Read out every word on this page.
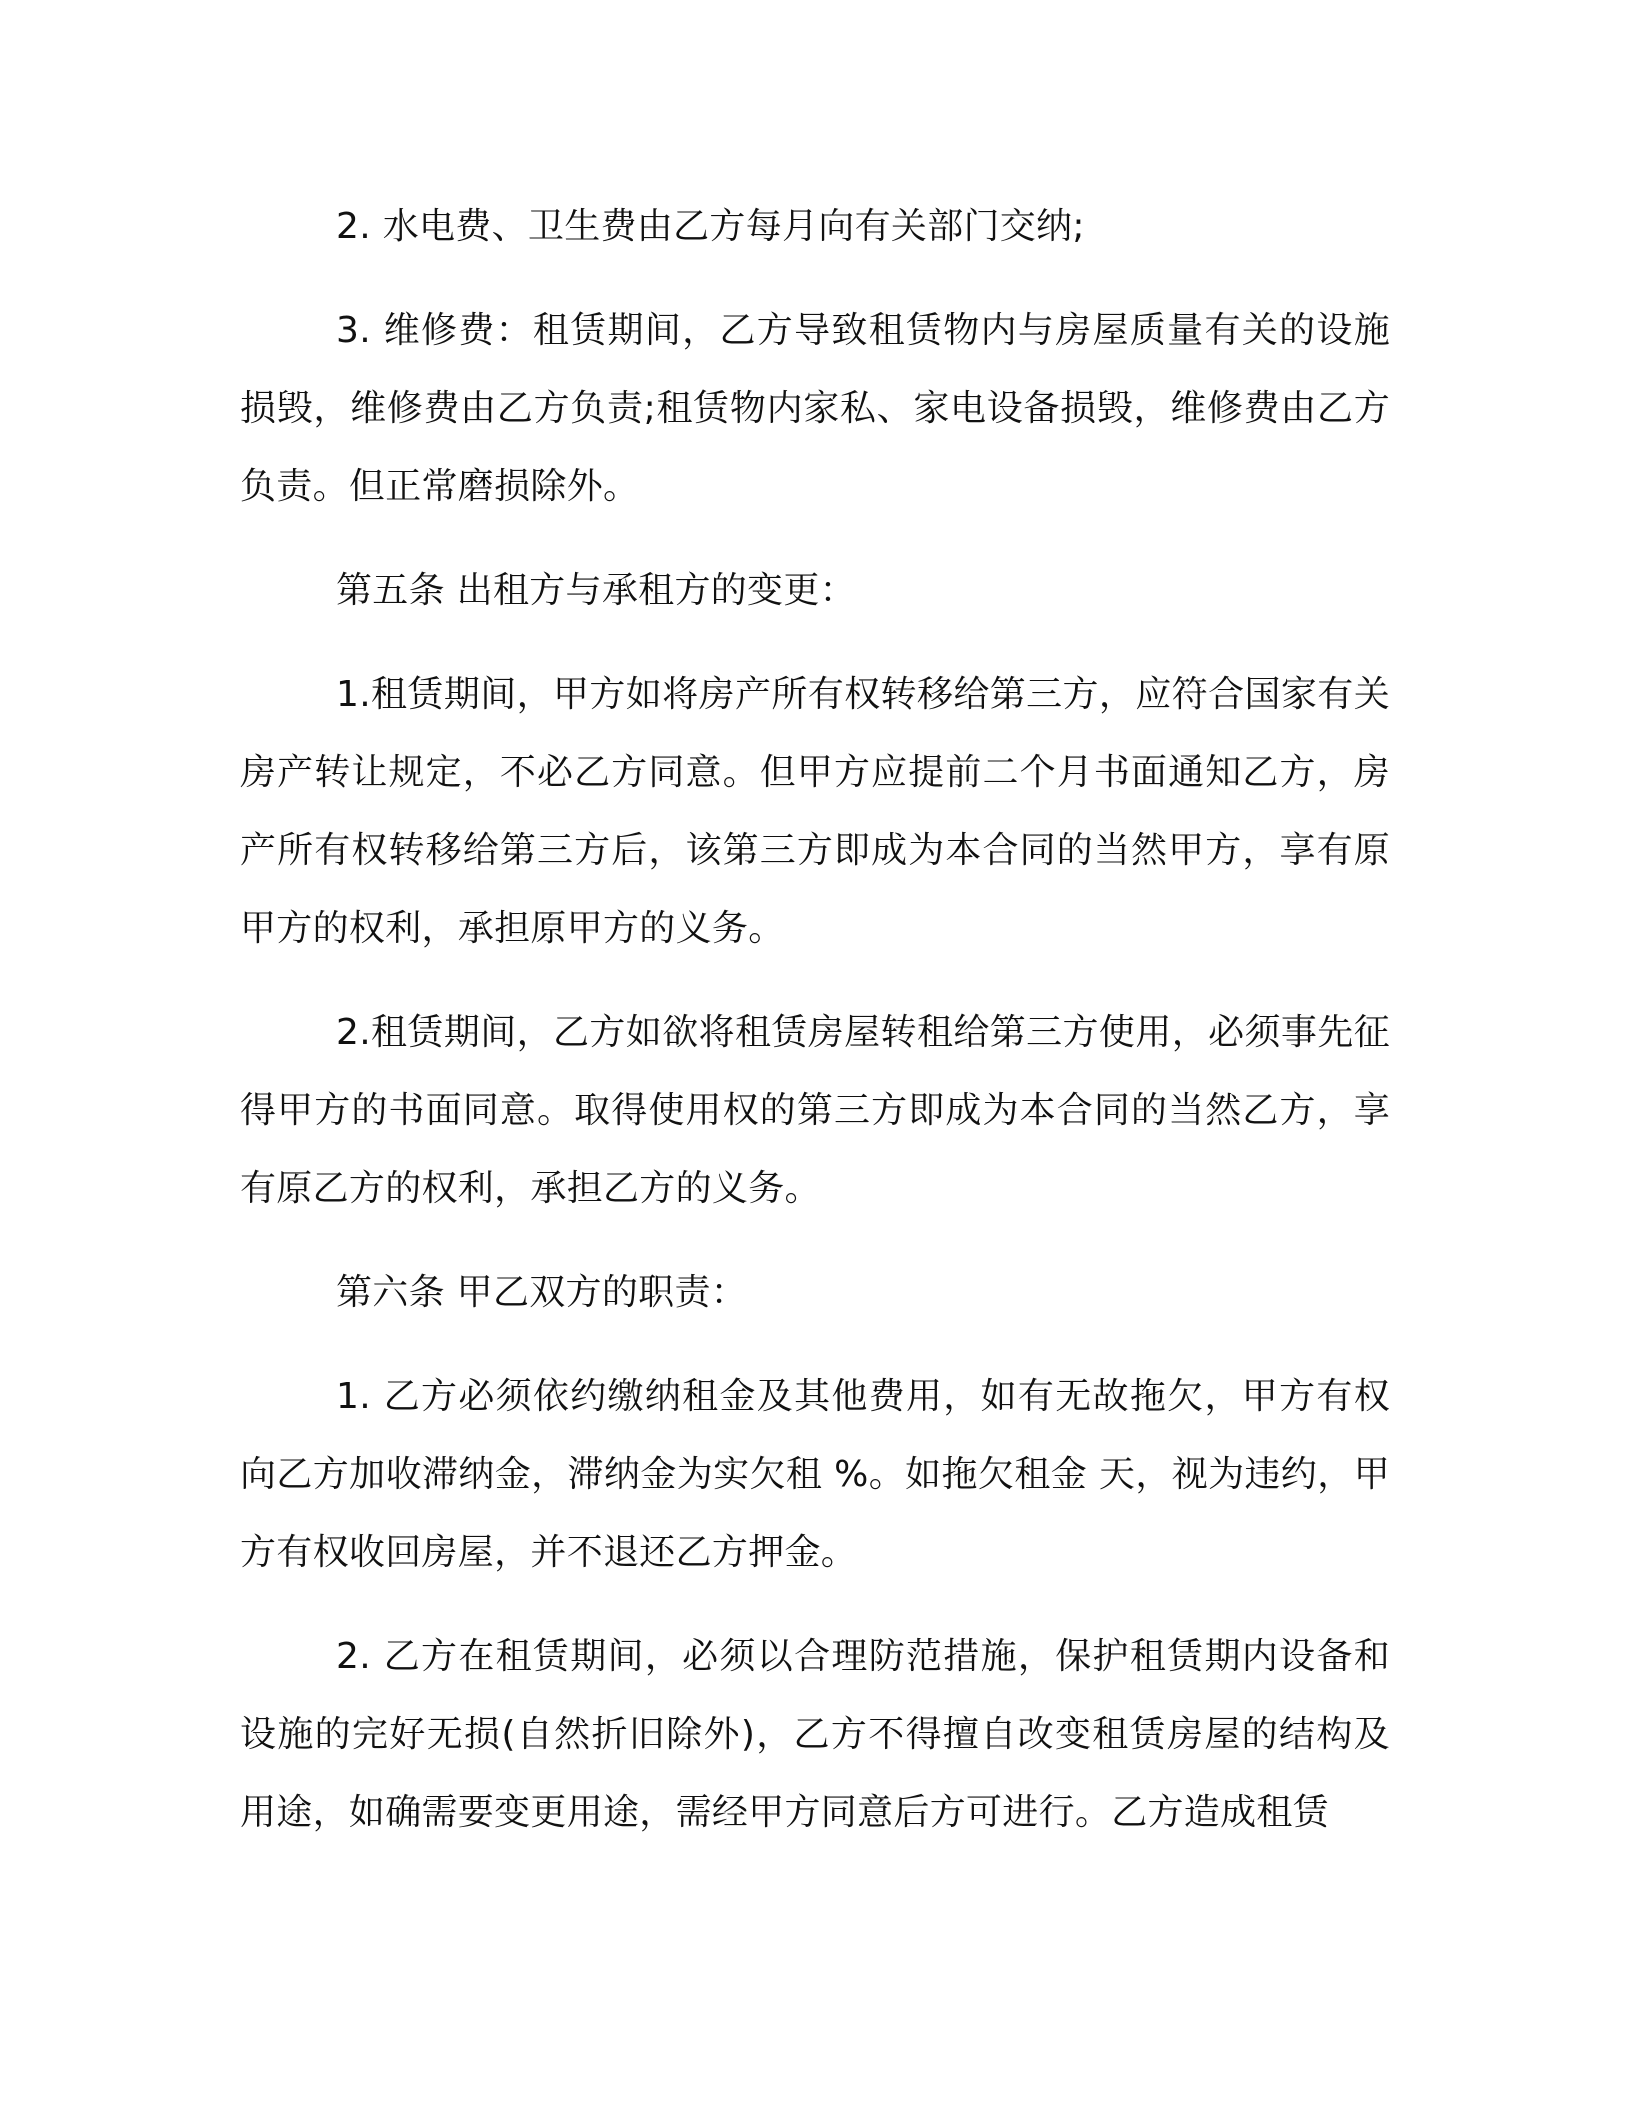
2. 水电费、卫生费由乙方每月向有关部门交纳;

3. 维修费：租赁期间，乙方导致租赁物内与房屋质量有关的设施损毁，维修费由乙方负责;租赁物内家私、家电设备损毁，维修费由乙方负责。但正常磨损除外。

第五条 出租方与承租方的变更：

1.租赁期间，甲方如将房产所有权转移给第三方，应符合国家有关房产转让规定，不必乙方同意。但甲方应提前二个月书面通知乙方，房产所有权转移给第三方后，该第三方即成为本合同的当然甲方，享有原甲方的权利，承担原甲方的义务。

2.租赁期间，乙方如欲将租赁房屋转租给第三方使用，必须事先征得甲方的书面同意。取得使用权的第三方即成为本合同的当然乙方，享有原乙方的权利，承担乙方的义务。

第六条 甲乙双方的职责：

1. 乙方必须依约缴纳租金及其他费用，如有无故拖欠，甲方有权向乙方加收滞纳金，滞纳金为实欠租 %。如拖欠租金 天，视为违约，甲方有权收回房屋，并不退还乙方押金。

2. 乙方在租赁期间，必须以合理防范措施，保护租赁期内设备和设施的完好无损(自然折旧除外)，乙方不得擅自改变租赁房屋的结构及用途，如确需要变更用途，需经甲方同意后方可进行。乙方造成租赁
